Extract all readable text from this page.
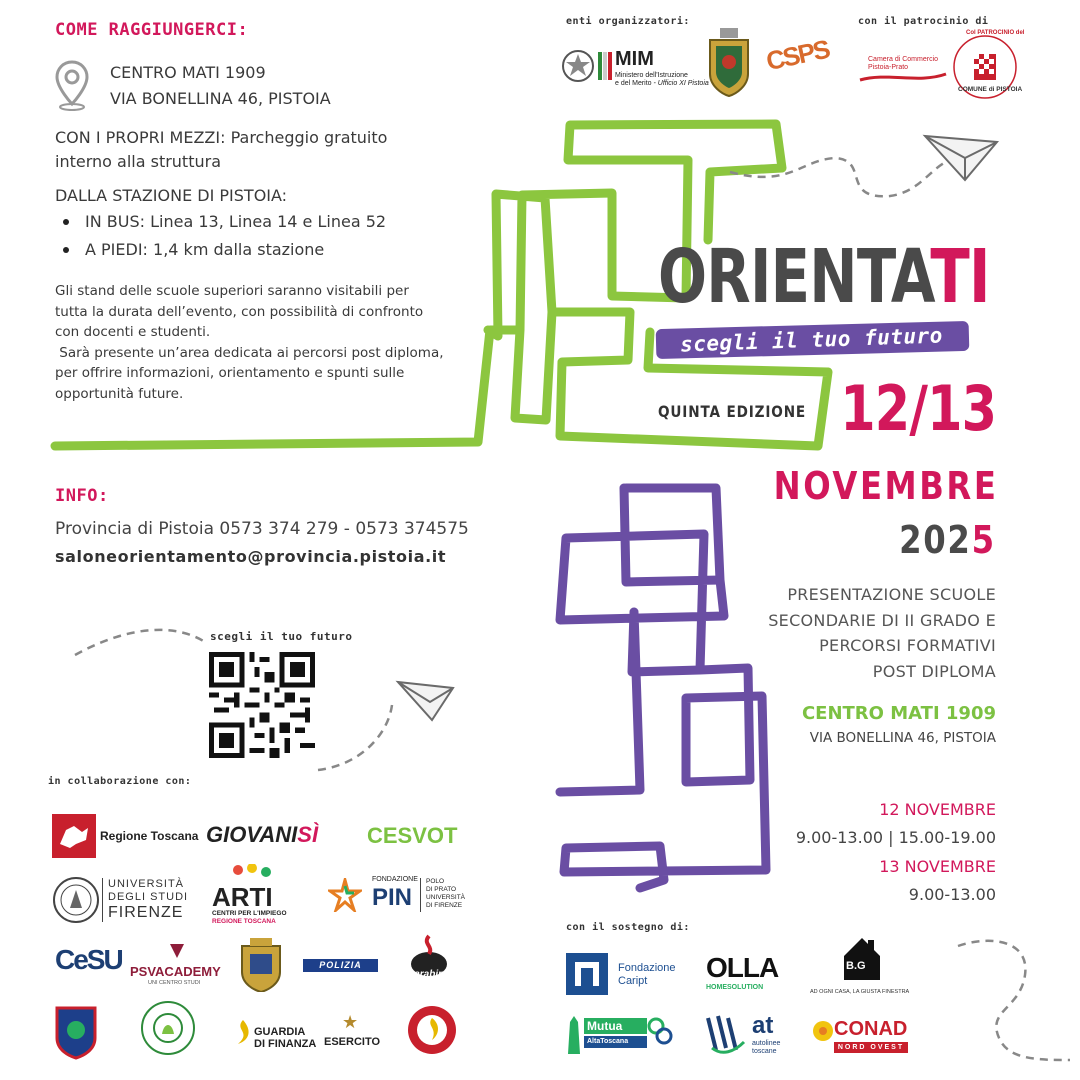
COME RAGGIUNGERCI:
CENTRO MATI 1909
VIA BONELLINA 46, PISTOIA
CON I PROPRI MEZZI: Parcheggio gratuito
interno alla struttura
DALLA STAZIONE DI PISTOIA:
IN BUS: Linea 13, Linea 14 e Linea 52
A PIEDI: 1,4 km dalla stazione
Gli stand delle scuole superiori saranno visitabili per
tutta la durata dell’evento, con possibilità di confronto
con docenti e studenti.
Sarà presente un’area dedicata ai percorsi post diploma,
per offrire informazioni, orientamento e spunti sulle
opportunità future.
INFO:
Provincia di Pistoia 0573 374 279 - 0573 374575
saloneorientamento@provincia.pistoia.it
scegli il tuo futuro
enti organizzatori:
MIM
Ministero dell'Istruzione
e del Merito - Ufficio XI Pistoia
CSPS
con il patrocinio di
Camera di Commercio
Pistoia-Prato
Col PATROCINIO del
COMUNE di PISTOIA
ORIENTATI
scegli il tuo futuro
QUINTA EDIZIONE 12/13
NOVEMBRE
2025
PRESENTAZIONE SCUOLE
SECONDARIE DI II GRADO E
PERCORSI FORMATIVI
POST DIPLOMA
CENTRO MATI 1909
VIA BONELLINA 46, PISTOIA
12 NOVEMBRE
9.00-13.00 | 15.00-19.00
13 NOVEMBRE
9.00-13.00
in collaborazione con:
Regione Toscana GIOVANISÌ CESVOT
UNIVERSITÀ
DEGLI STUDI
FIRENZE
ARTI
CENTRI PER L'IMPIEGO
REGIONE TOSCANA
FONDAZIONE
PIN
POLO
DI PRATO
UNIVERSITÀ
DI FIRENZE
CeSU PSVACADEMY
UNI CENTRO STUDI
POLIZIA
Carabinieri
GUARDIA
DI FINANZA
★
ESERCITO
con il sostegno di:
Fondazione
Caript	OLLA
HOMESOLUTION
B.G
AD OGNI CASA, LA GIUSTA FINESTRA
Mutua
AltaToscana
at
autolinee
toscane
CONAD
NORD OVEST
